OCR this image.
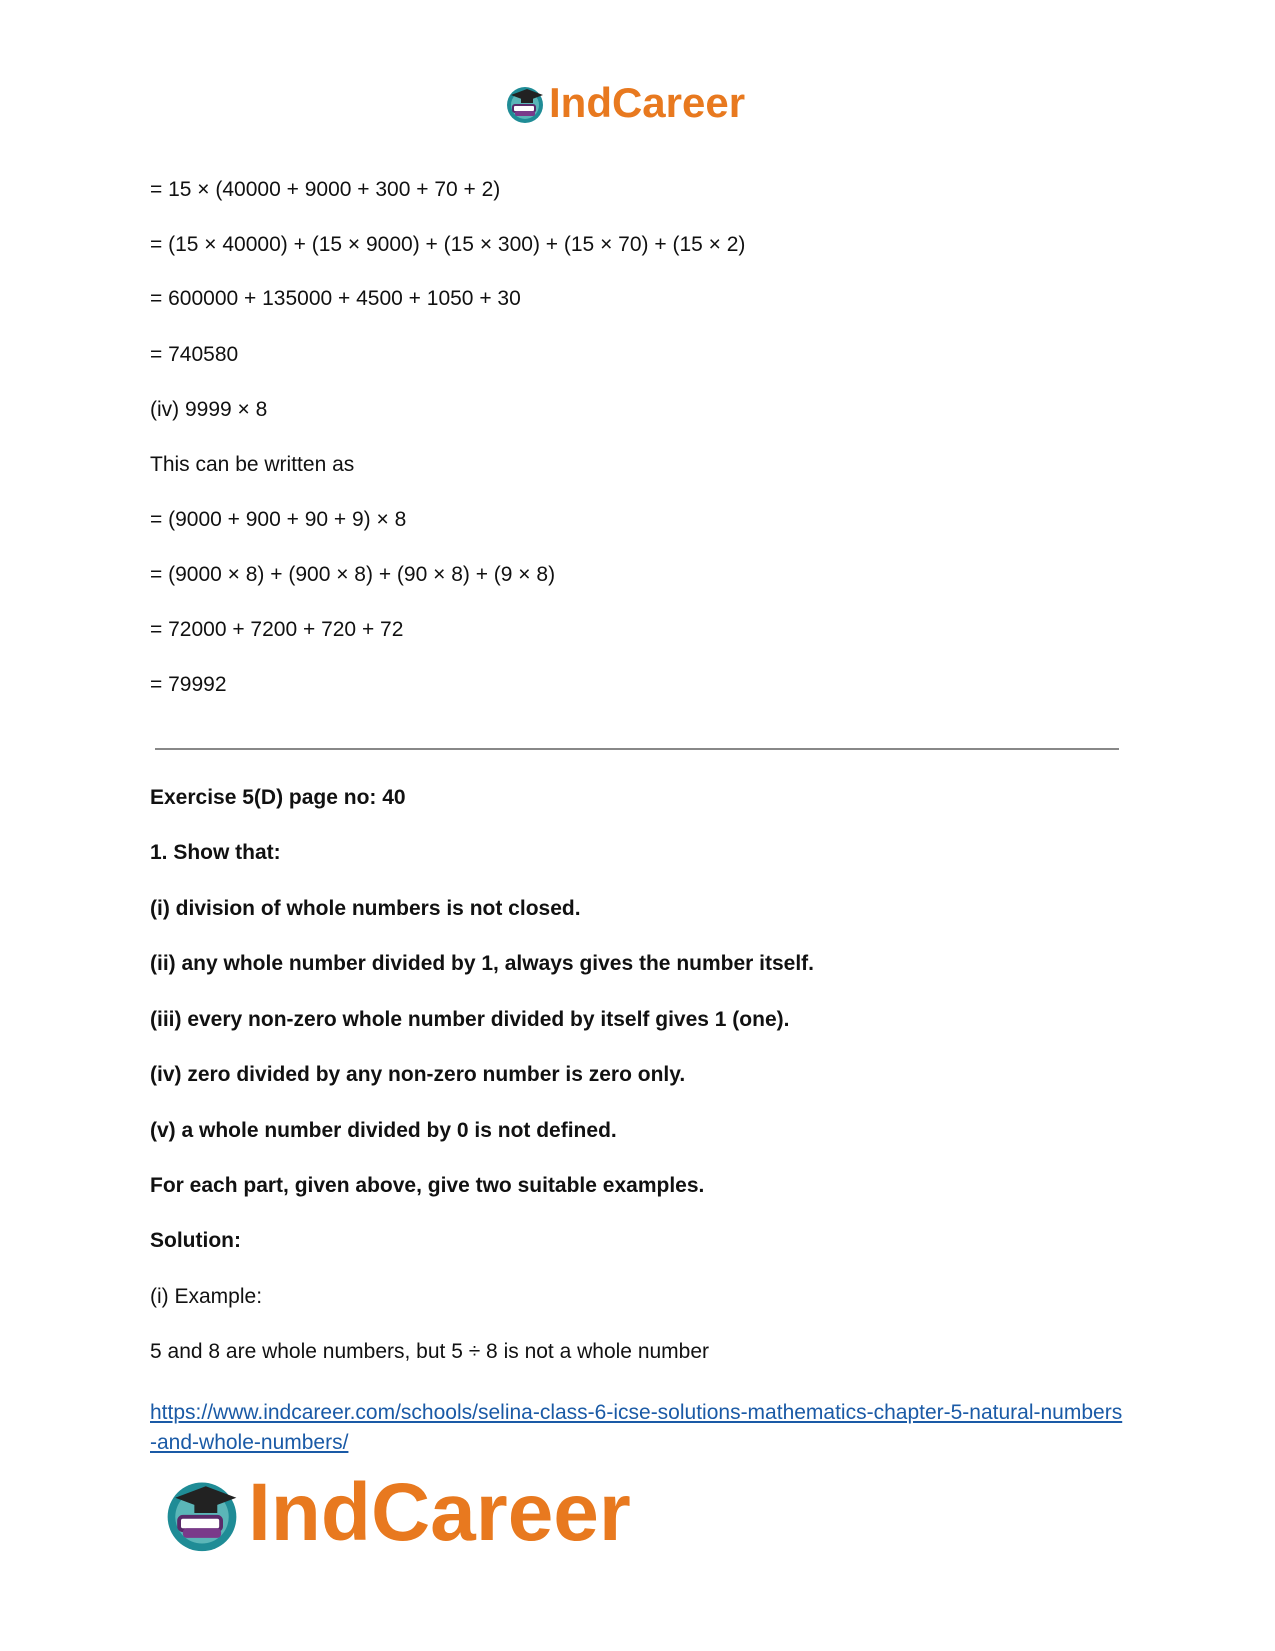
IndCareer
= 15 × (40000 + 9000 + 300 + 70 + 2)
= (15 × 40000) + (15 × 9000) + (15 × 300) + (15 × 70) + (15 × 2)
= 600000 + 135000 + 4500 + 1050 + 30
= 740580
(iv) 9999 × 8
This can be written as
= (9000 + 900 + 90 + 9) × 8
= (9000 × 8) + (900 × 8) + (90 × 8) + (9 × 8)
= 72000 + 7200 + 720 + 72
= 79992
Exercise 5(D) page no: 40
1. Show that:
(i) division of whole numbers is not closed.
(ii) any whole number divided by 1, always gives the number itself.
(iii) every non-zero whole number divided by itself gives 1 (one).
(iv) zero divided by any non-zero number is zero only.
(v) a whole number divided by 0 is not defined.
For each part, given above, give two suitable examples.
Solution:
(i) Example:
5 and 8 are whole numbers, but 5 ÷ 8 is not a whole number
https://www.indcareer.com/schools/selina-class-6-icse-solutions-mathematics-chapter-5-natural-numbers-and-whole-numbers/
IndCareer
